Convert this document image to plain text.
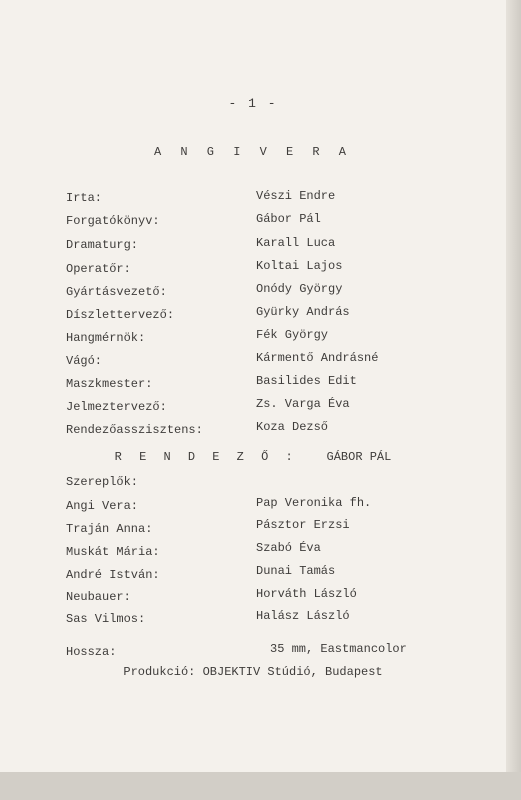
- 1 -
A N G I V E R A
Irta:	Vészi Endre
Forgatókönyv:	Gábor Pál
Dramaturg:	Karall Luca
Operatőr:	Koltai Lajos
Gyártásvezető:	Onódy György
Díszlettervező:	Gyürky András
Hangmérnök:	Fék György
Vágó:	Kármentő Andrásné
Maszkmester:	Basilides Edit
Jelmeztervező:	Zs. Varga Éva
Rendezőasszisztens:	Koza Dezső
R E N D E Z Ő : GÁBOR PÁL
Szereplők:
Angi Vera:	Pap Veronika fh.
Traján Anna:	Pásztor Erzsi
Muskát Mária:	Szabó Éva
André István:	Dunai Tamás
Neubauer:	Horváth László
Sas Vilmos:	Halász László
Hossza:	35 mm, Eastmancolor
Produkció: OBJEKTIV Stúdió, Budapest
